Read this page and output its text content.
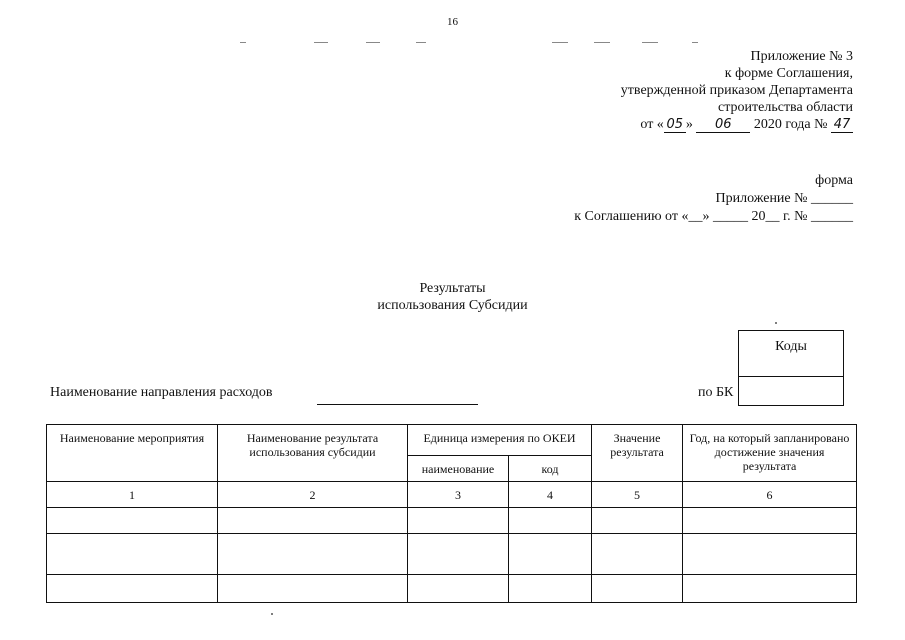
16
Приложение № 3
к форме Соглашения,
утвержденной приказом Департамента
строительства области
от « 05 » 06 2020 года № 47
форма
Приложение № ______
к Соглашению от «__» _____ 20__ г. № ______
Результаты
использования Субсидии
Коды
по БК
Наименование направления расходов
Наименование мероприятия	Наименование результата использования субсидии	Единица измерения по ОКЕИ		Значение результата	Год, на который запланировано достижение значения результата
		наименование	код		
1	2	3	4	5	6
